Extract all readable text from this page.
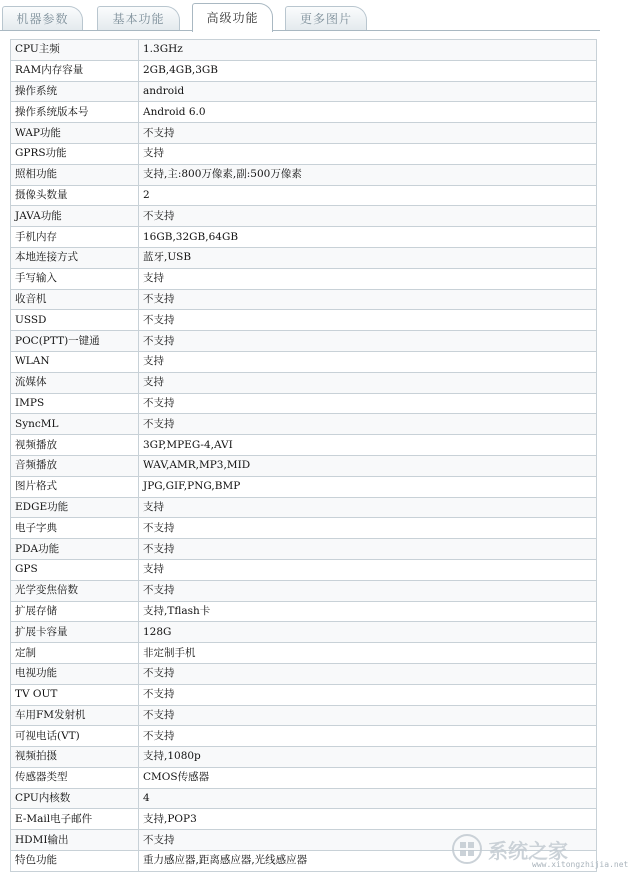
机器参数	基本功能	高级功能	更多图片
CPU主频	1.3GHz
RAM内存容量	2GB,4GB,3GB
操作系统	android
操作系统版本号	Android 6.0
WAP功能	不支持
GPRS功能	支持
照相功能	支持,主:800万像素,副:500万像素
摄像头数量	2
JAVA功能	不支持
手机内存	16GB,32GB,64GB
本地连接方式	蓝牙,USB
手写输入	支持
收音机	不支持
USSD	不支持
POC(PTT)一键通	不支持
WLAN	支持
流媒体	支持
IMPS	不支持
SyncML	不支持
视频播放	3GP,MPEG-4,AVI
音频播放	WAV,AMR,MP3,MID
图片格式	JPG,GIF,PNG,BMP
EDGE功能	支持
电子字典	不支持
PDA功能	不支持
GPS	支持
光学变焦倍数	不支持
扩展存储	支持,Tflash卡
扩展卡容量	128G
定制	非定制手机
电视功能	不支持
TV OUT	不支持
车用FM发射机	不支持
可视电话(VT)	不支持
视频拍摄	支持,1080p
传感器类型	CMOS传感器
CPU内核数	4
E-Mail电子邮件	支持,POP3
HDMI输出	不支持
特色功能	重力感应器,距离感应器,光线感应器	系统之家
www.xitongzhijia.net
